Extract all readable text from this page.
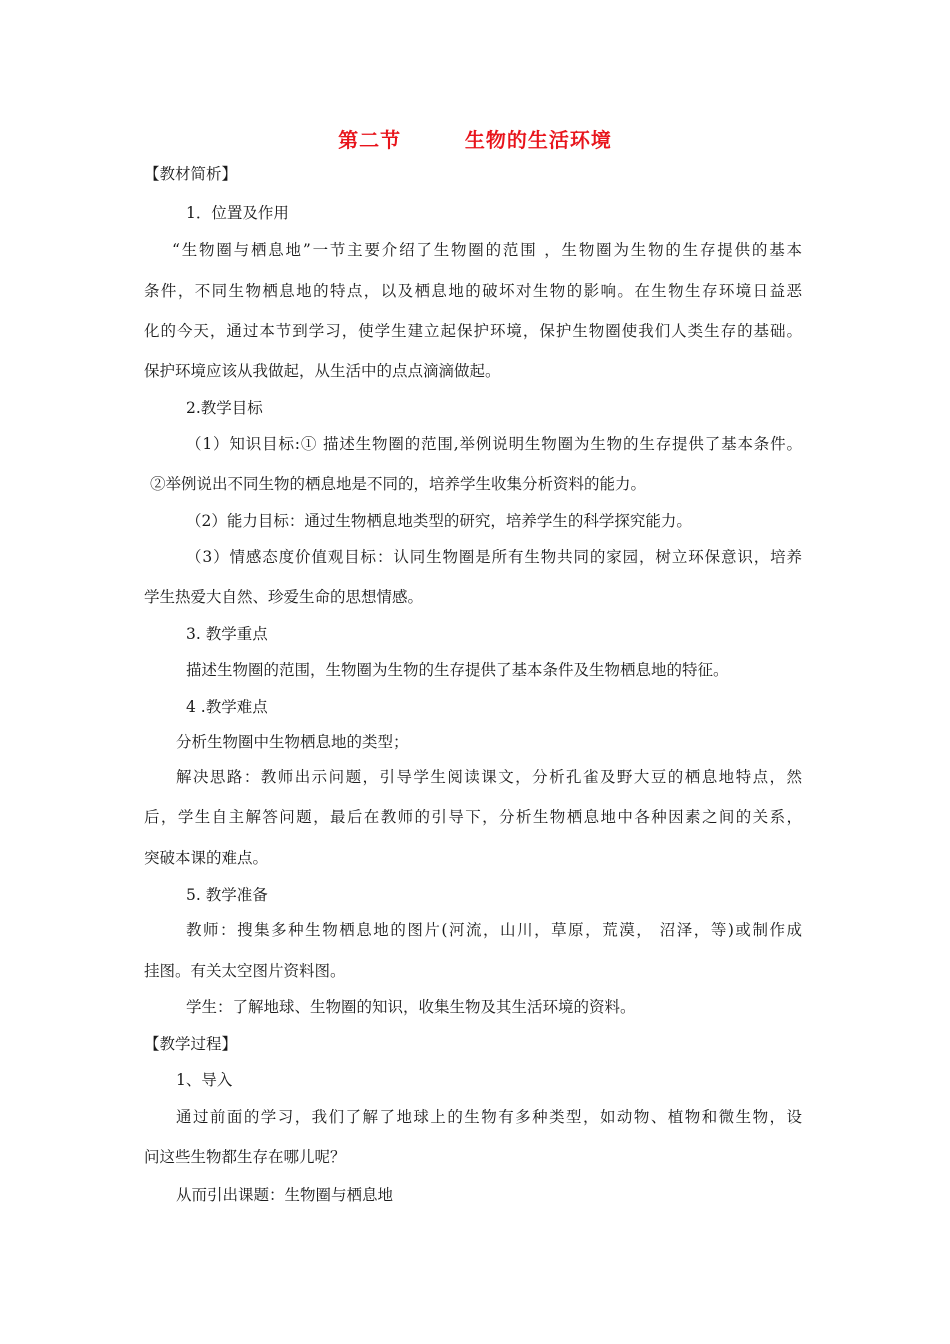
第二节        生物的生活环境
【教材简析】
1．位置及作用
“生物圈与栖息地”一节主要介绍了生物圈的范围 ，生物圈为生物的生存提供的基本
条件，不同生物栖息地的特点，以及栖息地的破坏对生物的影响。在生物生存环境日益恶
化的今天，通过本节到学习，使学生建立起保护环境，保护生物圈使我们人类生存的基础。
保护环境应该从我做起，从生活中的点点滴滴做起。
2.教学目标
（1）知识目标:① 描述生物圈的范围,举例说明生物圈为生物的生存提供了基本条件。
②举例说出不同生物的栖息地是不同的，培养学生收集分析资料的能力。
（2）能力目标：通过生物栖息地类型的研究，培养学生的科学探究能力。
（3）情感态度价值观目标：认同生物圈是所有生物共同的家园，树立环保意识，培养
学生热爱大自然、珍爱生命的思想情感。
3. 教学重点
描述生物圈的范围，生物圈为生物的生存提供了基本条件及生物栖息地的特征。
4 .教学难点
分析生物圈中生物栖息地的类型；
解决思路：教师出示问题，引导学生阅读课文，分析孔雀及野大豆的栖息地特点，然
后，学生自主解答问题，最后在教师的引导下，分析生物栖息地中各种因素之间的关系，
突破本课的难点。
5. 教学准备
教师：搜集多种生物栖息地的图片(河流，山川，草原，荒漠， 沼泽，等)或制作成
挂图。有关太空图片资料图。
学生：了解地球、生物圈的知识，收集生物及其生活环境的资料。
【教学过程】
1、导入
通过前面的学习，我们了解了地球上的生物有多种类型，如动物、植物和微生物，设
问这些生物都生存在哪儿呢？
从而引出课题：生物圈与栖息地
